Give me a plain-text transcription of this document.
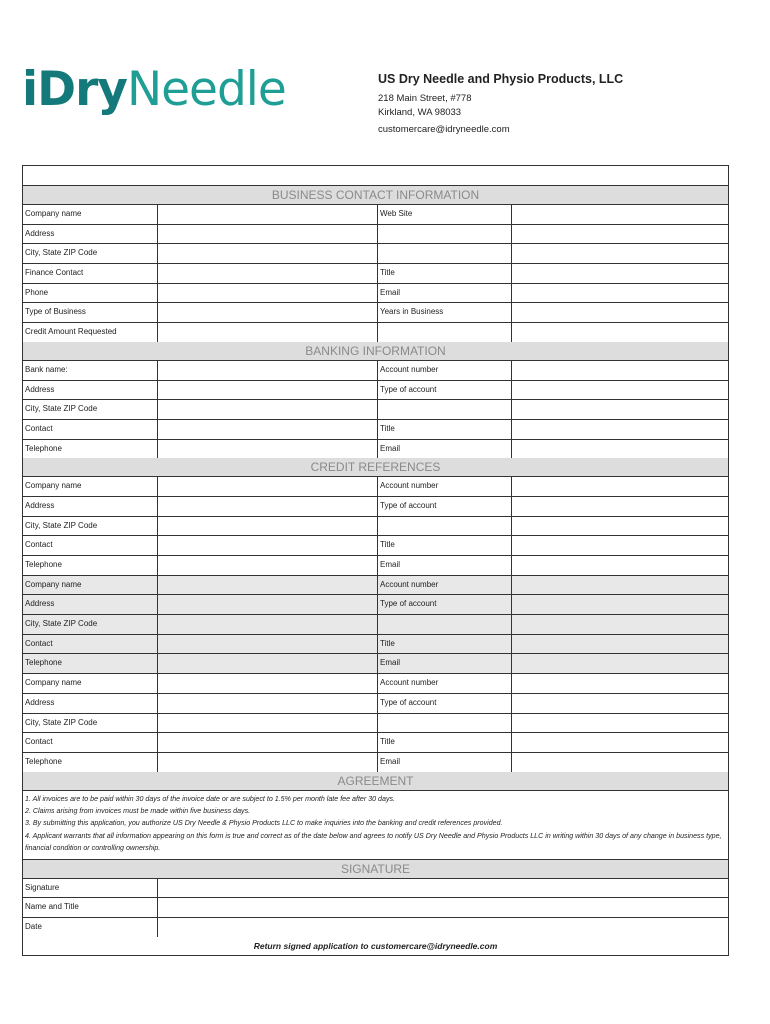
iDryNeedle	US Dry Needle and Physio Products, LLC
218 Main Street, #778
Kirkland, WA 98033
customercare@idryneedle.com
BUSINESS CONTACT INFORMATION
Company name	Web Site
Address
City, State ZIP Code
Finance Contact	Title
Phone	Email
Type of Business	Years in Business
Credit Amount Requested
BANKING INFORMATION
Bank name:	Account number
Address	Type of account
City, State ZIP Code
Contact	Title
Telephone	Email
CREDIT REFERENCES
Company name	Account number
Address	Type of account
City, State ZIP Code
Contact	Title
Telephone	Email
Company name	Account number
Address	Type of account
City, State ZIP Code
Contact	Title
Telephone	Email
Company name	Account number
Address	Type of account
City, State ZIP Code
Contact	Title
Telephone	Email
AGREEMENT
1. All invoices are to be paid within 30 days of the invoice date or are subject to 1.5% per month late fee after 30 days.
2. Claims arising from invoices must be made within five business days.
3. By submitting this application, you authorize US Dry Needle & Physio Products LLC to make inquiries into the banking and credit references provided.
4. Applicant warrants that all information appearing on this form is true and correct as of the date below and agrees to notify US Dry Needle and Physio Products LLC in writing within 30 days of any change in business type, financial condition or controlling ownership.
SIGNATURE
Signature
Name and Title
Date
Return signed application to customercare@idryneedle.com
